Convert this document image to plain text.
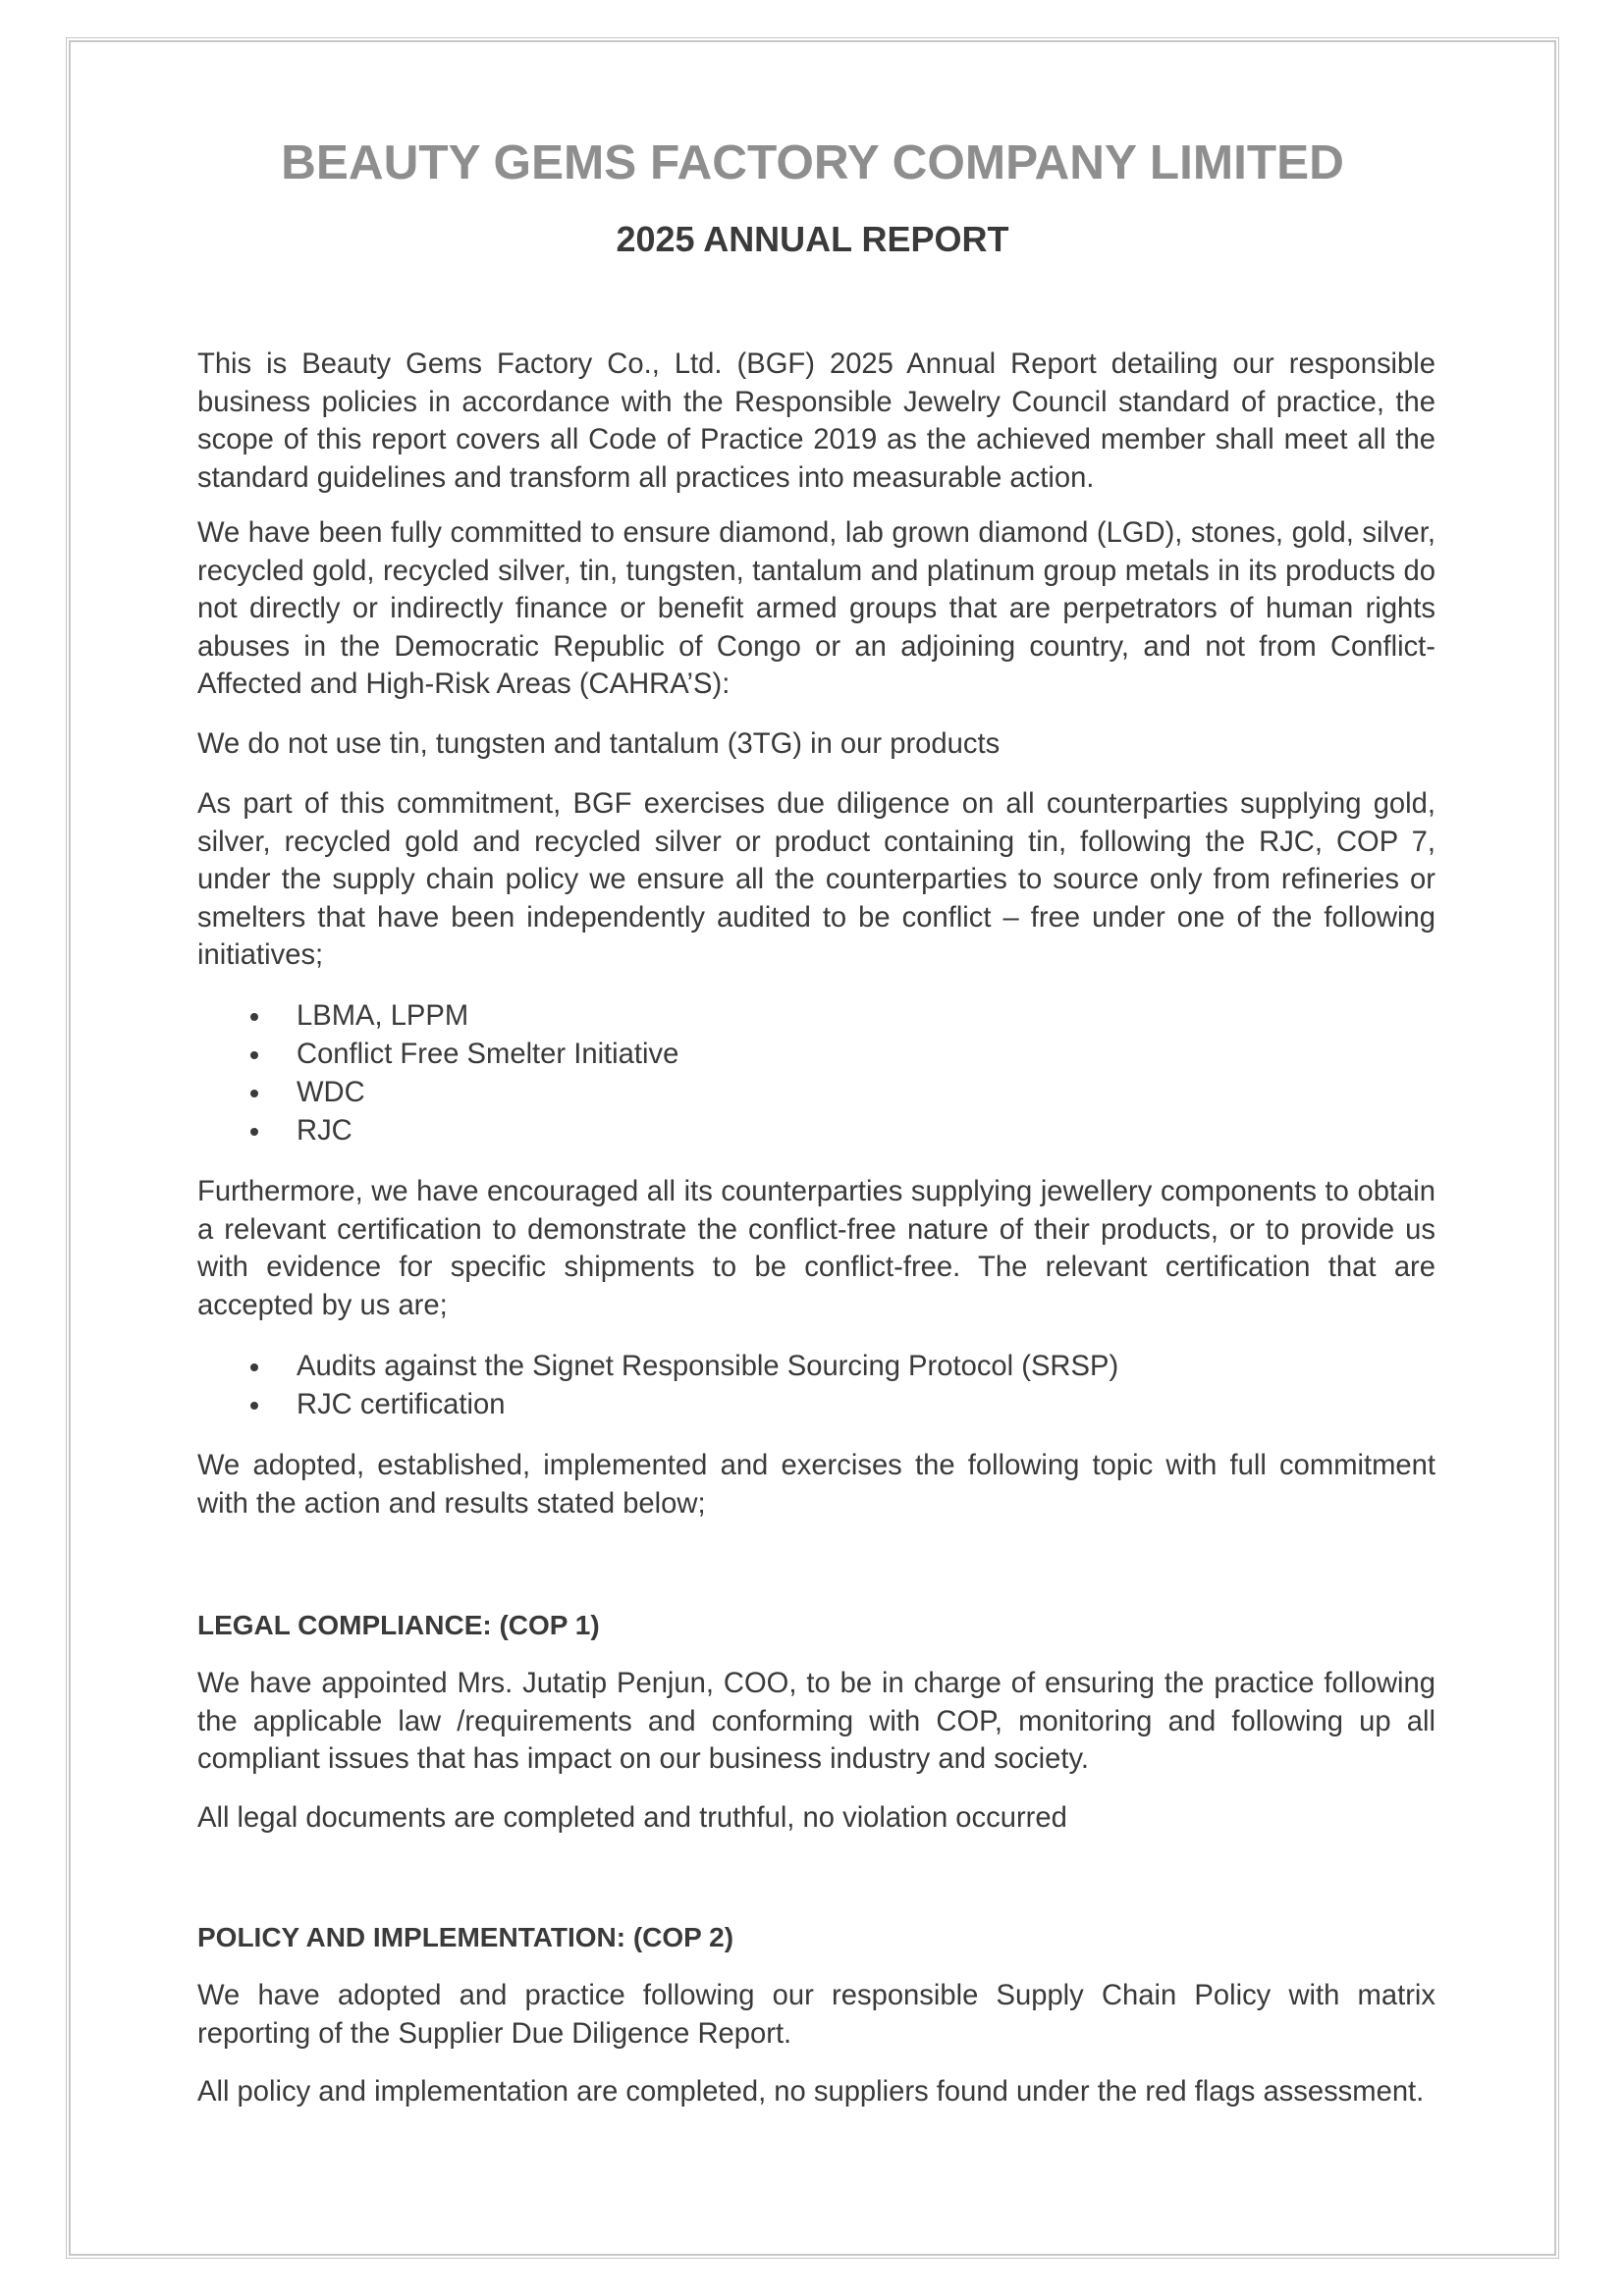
BEAUTY GEMS FACTORY COMPANY LIMITED
2025 ANNUAL REPORT

This is Beauty Gems Factory Co., Ltd. (BGF) 2025 Annual Report detailing our responsible business policies in accordance with the Responsible Jewelry Council standard of practice, the scope of this report covers all Code of Practice 2019 as the achieved member shall meet all the standard guidelines and transform all practices into measurable action.

We have been fully committed to ensure diamond, lab grown diamond (LGD), stones, gold, silver, recycled gold, recycled silver, tin, tungsten, tantalum and platinum group metals in its products do not directly or indirectly finance or benefit armed groups that are perpetrators of human rights abuses in the Democratic Republic of Congo or an adjoining country, and not from Conflict-Affected and High-Risk Areas (CAHRA’S):

We do not use tin, tungsten and tantalum (3TG) in our products

As part of this commitment, BGF exercises due diligence on all counterparties supplying gold, silver, recycled gold and recycled silver or product containing tin, following the RJC, COP 7, under the supply chain policy we ensure all the counterparties to source only from refineries or smelters that have been independently audited to be conflict – free under one of the following initiatives;

LBMA, LPPM
Conflict Free Smelter Initiative
WDC
RJC

Furthermore, we have encouraged all its counterparties supplying jewellery components to obtain a relevant certification to demonstrate the conflict-free nature of their products, or to provide us with evidence for specific shipments to be conflict-free. The relevant certification that are accepted by us are;

Audits against the Signet Responsible Sourcing Protocol (SRSP)
RJC certification

We adopted, established, implemented and exercises the following topic with full commitment with the action and results stated below;

LEGAL COMPLIANCE: (COP 1)

We have appointed Mrs. Jutatip Penjun, COO, to be in charge of ensuring the practice following the applicable law /requirements and conforming with COP, monitoring and following up all compliant issues that has impact on our business industry and society.

All legal documents are completed and truthful, no violation occurred

POLICY AND IMPLEMENTATION: (COP 2)

We have adopted and practice following our responsible Supply Chain Policy with matrix reporting of the Supplier Due Diligence Report.

All policy and implementation are completed, no suppliers found under the red flags assessment.
